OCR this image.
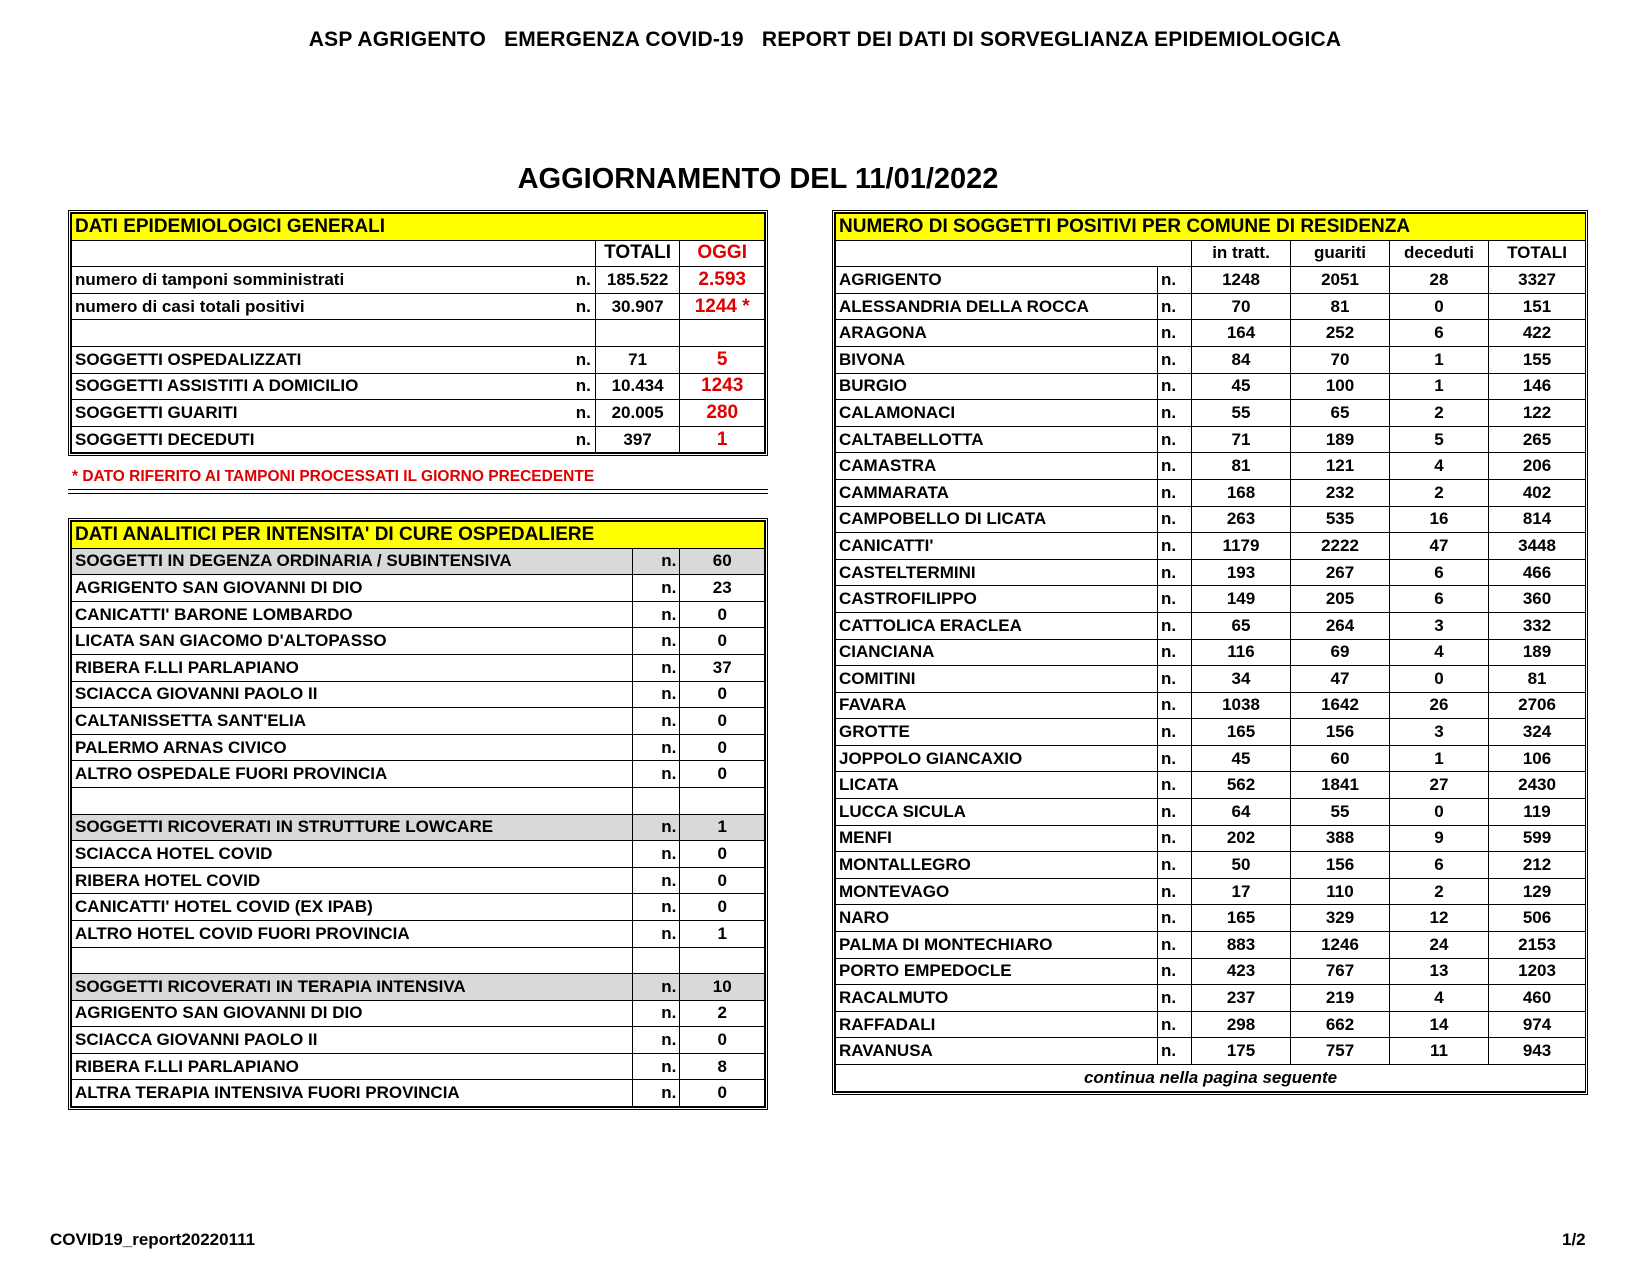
ASP AGRIGENTO   EMERGENZA COVID-19   REPORT DEI DATI DI SORVEGLIANZA EPIDEMIOLOGICA
AGGIORNAMENTO DEL 11/01/2022
DATI EPIDEMIOLOGICI GENERALI		
	TOTALI	OGGI
numero di tamponi somministrati n.	185.522	2.593
numero di casi totali positivi n.	30.907	1244 *

SOGGETTI OSPEDALIZZATI n.	71	5
SOGGETTI ASSISTITI A DOMICILIO n.	10.434	1243
SOGGETTI GUARITI n.	20.005	280
SOGGETTI DECEDUTI n.	397	1
* DATO RIFERITO AI TAMPONI PROCESSATI IL GIORNO PRECEDENTE
DATI ANALITICI PER INTENSITA' DI CURE OSPEDALIERE		
SOGGETTI IN DEGENZA ORDINARIA / SUBINTENSIVA	n.	60
AGRIGENTO SAN GIOVANNI DI DIO	n.	23
CANICATTI' BARONE LOMBARDO	n.	0
LICATA SAN GIACOMO D'ALTOPASSO	n.	0
RIBERA F.LLI PARLAPIANO	n.	37
SCIACCA GIOVANNI PAOLO II	n.	0
CALTANISSETTA SANT'ELIA	n.	0
PALERMO ARNAS CIVICO	n.	0
ALTRO OSPEDALE FUORI PROVINCIA	n.	0

SOGGETTI RICOVERATI IN STRUTTURE LOWCARE	n.	1
SCIACCA HOTEL COVID	n.	0
RIBERA HOTEL COVID	n.	0
CANICATTI' HOTEL COVID (EX IPAB)	n.	0
ALTRO HOTEL COVID FUORI PROVINCIA	n.	1

SOGGETTI RICOVERATI IN TERAPIA INTENSIVA	n.	10
AGRIGENTO SAN GIOVANNI DI DIO	n.	2
SCIACCA GIOVANNI PAOLO II	n.	0
RIBERA F.LLI PARLAPIANO	n.	8
ALTRA TERAPIA INTENSIVA FUORI PROVINCIA	n.	0
NUMERO DI SOGGETTI POSITIVI PER COMUNE DI RESIDENZA					
		in tratt.	guariti	deceduti	TOTALI
AGRIGENTO	n.	1248	2051	28	3327
ALESSANDRIA DELLA ROCCA	n.	70	81	0	151
ARAGONA	n.	164	252	6	422
BIVONA	n.	84	70	1	155
BURGIO	n.	45	100	1	146
CALAMONACI	n.	55	65	2	122
CALTABELLOTTA	n.	71	189	5	265
CAMASTRA	n.	81	121	4	206
CAMMARATA	n.	168	232	2	402
CAMPOBELLO DI LICATA	n.	263	535	16	814
CANICATTI'	n.	1179	2222	47	3448
CASTELTERMINI	n.	193	267	6	466
CASTROFILIPPO	n.	149	205	6	360
CATTOLICA ERACLEA	n.	65	264	3	332
CIANCIANA	n.	116	69	4	189
COMITINI	n.	34	47	0	81
FAVARA	n.	1038	1642	26	2706
GROTTE	n.	165	156	3	324
JOPPOLO GIANCAXIO	n.	45	60	1	106
LICATA	n.	562	1841	27	2430
LUCCA SICULA	n.	64	55	0	119
MENFI	n.	202	388	9	599
MONTALLEGRO	n.	50	156	6	212
MONTEVAGO	n.	17	110	2	129
NARO	n.	165	329	12	506
PALMA DI MONTECHIARO	n.	883	1246	24	2153
PORTO EMPEDOCLE	n.	423	767	13	1203
RACALMUTO	n.	237	219	4	460
RAFFADALI	n.	298	662	14	974
RAVANUSA	n.	175	757	11	943
continua nella pagina seguente					
COVID19_report20220111	1/2
